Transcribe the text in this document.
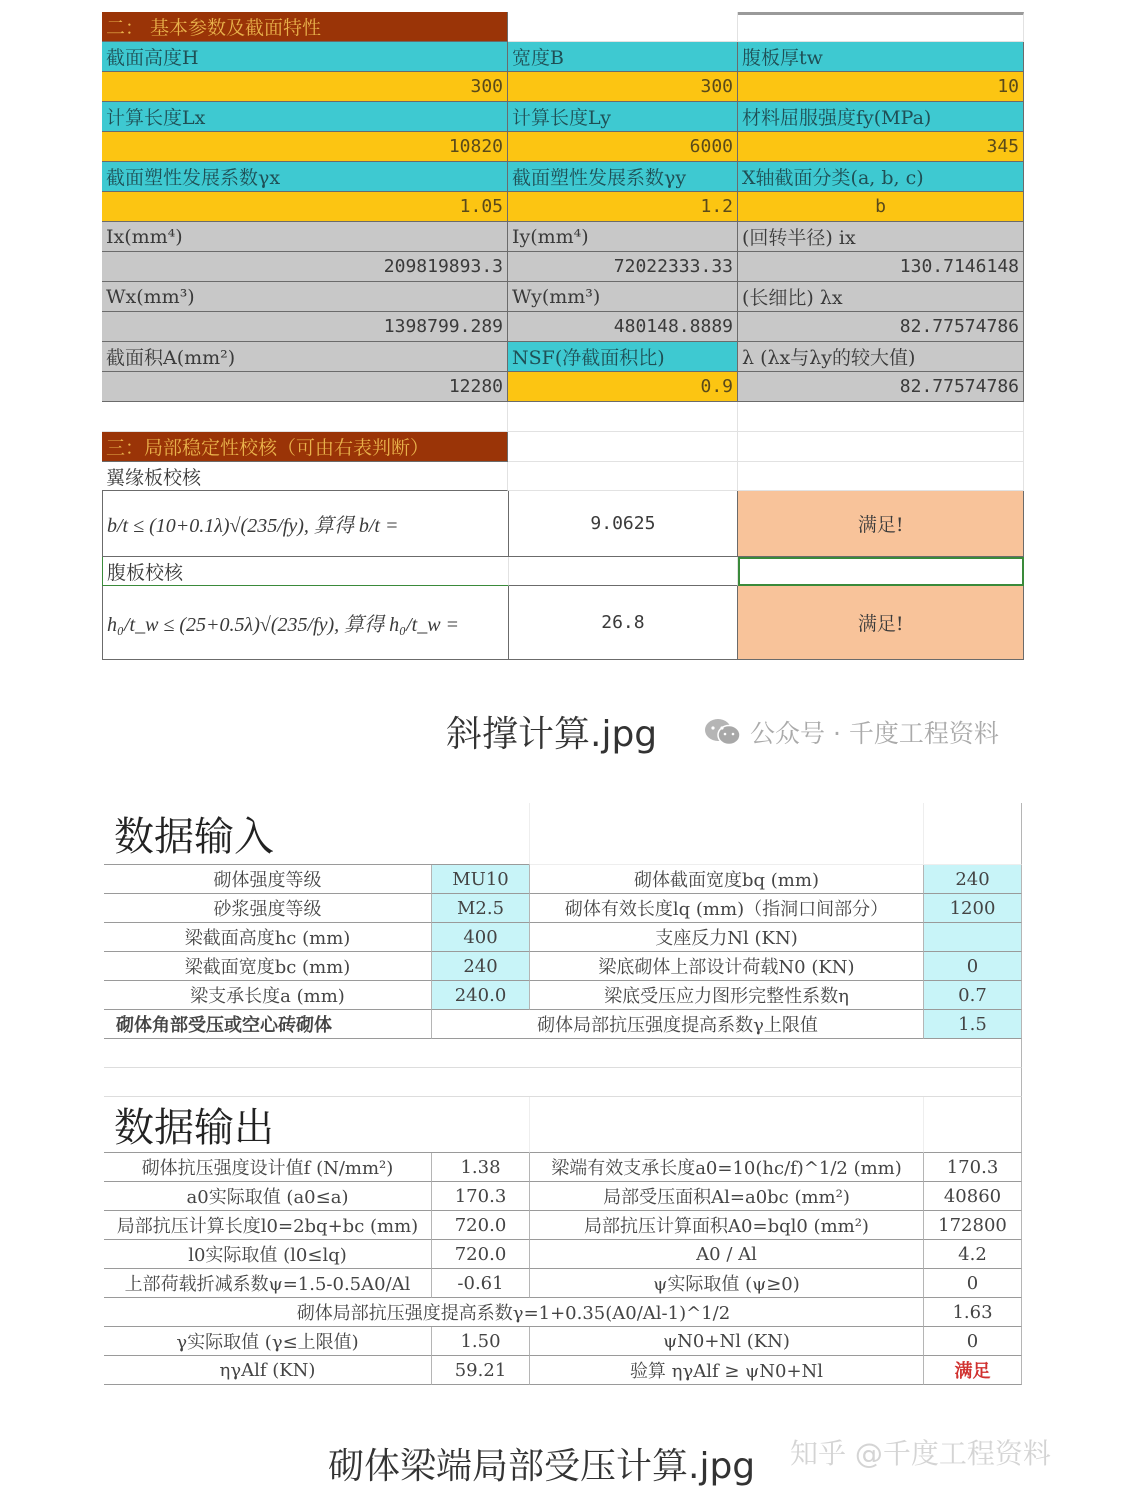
二： 基本参数及截面特性
截面高度H	宽度B	腹板厚tw
300	300	10
计算长度Lx	计算长度Ly	材料屈服强度fy(MPa)
10820	6000	345
截面塑性发展系数γx	截面塑性发展系数γy	X轴截面分类(a, b, c)
1.05	1.2	b
Ix(mm⁴)	Iy(mm⁴)	(回转半径) ix
209819893.3	72022333.33	130.7146148
Wx(mm³)	Wy(mm³)	(长细比) λx
1398799.289	480148.8889	82.77574786
截面积A(mm²)	NSF(净截面积比)	λ (λx与λy的较大值)
12280	0.9	82.77574786
三：局部稳定性校核（可由右表判断）
翼缘板校核
b/t ≤ (10+0.1λ)√(235/fy), 算得 b/t =	9.0625	满足!
腹板校核
h₀/t_w ≤ (25+0.5λ)√(235/fy), 算得 h₀/t_w =	26.8	满足!
斜撑计算.jpg	公众号 · 千度工程资料
数据输入
砌体强度等级	MU10	砌体截面宽度bq (mm)	240
砂浆强度等级	M2.5	砌体有效长度lq (mm)（指洞口间部分）	1200
梁截面高度hc (mm)	400	支座反力Nl (KN)
梁截面宽度bc (mm)	240	梁底砌体上部设计荷载N0 (KN)	0
梁支承长度a (mm)	240.0	梁底受压应力图形完整性系数η	0.7
砌体角部受压或空心砖砌体	砌体局部抗压强度提高系数γ上限值	1.5
数据输出
砌体抗压强度设计值f (N/mm²)	1.38	梁端有效支承长度a0=10(hc/f)^1/2 (mm)	170.3
a0实际取值 (a0≤a)	170.3	局部受压面积Al=a0bc (mm²)	40860
局部抗压计算长度l0=2bq+bc (mm)	720.0	局部抗压计算面积A0=bql0 (mm²)	172800
l0实际取值 (l0≤lq)	720.0	A0 / Al	4.2
上部荷载折减系数ψ=1.5-0.5A0/Al	-0.61	ψ实际取值 (ψ≥0)	0
砌体局部抗压强度提高系数γ=1+0.35(A0/Al-1)^1/2	1.63
γ实际取值 (γ≤上限值)	1.50	ψN0+Nl (KN)	0
ηγAlf (KN)	59.21	验算 ηγAlf ≥ ψN0+Nl	满足
砌体梁端局部受压计算.jpg 知乎 @千度工程资料
